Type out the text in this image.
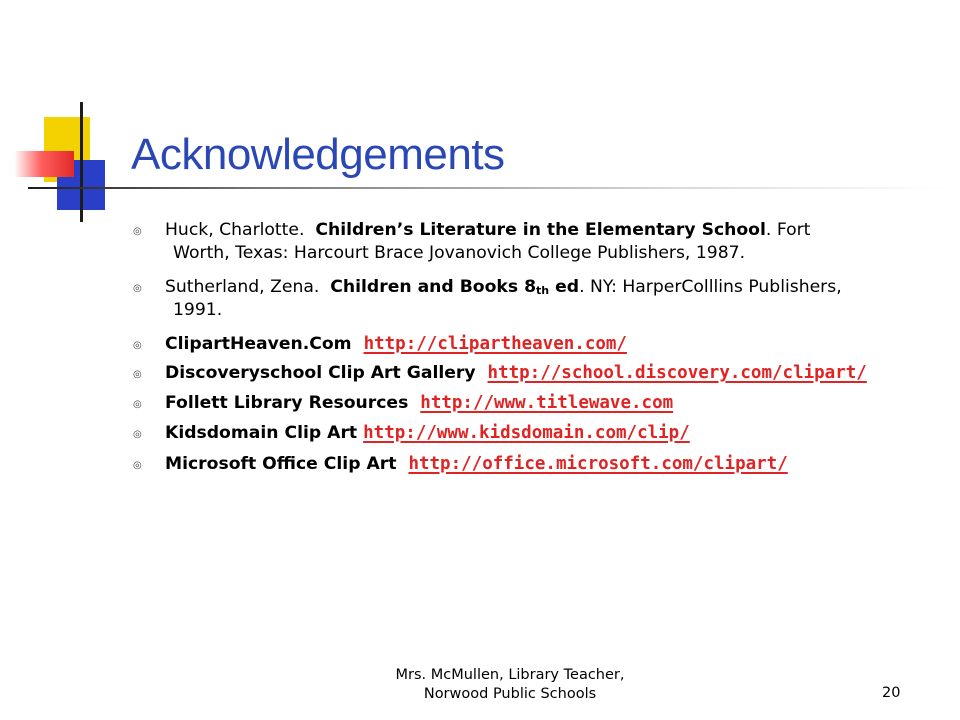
Acknowledgements
◎ Huck, Charlotte. Children’s Literature in the Elementary School. Fort
Worth, Texas: Harcourt Brace Jovanovich College Publishers, 1987.
◎ Sutherland, Zena. Children and Books 8th ed. NY: HarperColllins Publishers,
1991.
◎ ClipartHeaven.Com http://clipartheaven.com/
◎ Discoveryschool Clip Art Gallery http://school.discovery.com/clipart/
◎ Follett Library Resources http://www.titlewave.com
◎ Kidsdomain Clip Art http://www.kidsdomain.com/clip/
◎ Microsoft Office Clip Art http://office.microsoft.com/clipart/
Mrs. McMullen, Library Teacher,
Norwood Public Schools	20
